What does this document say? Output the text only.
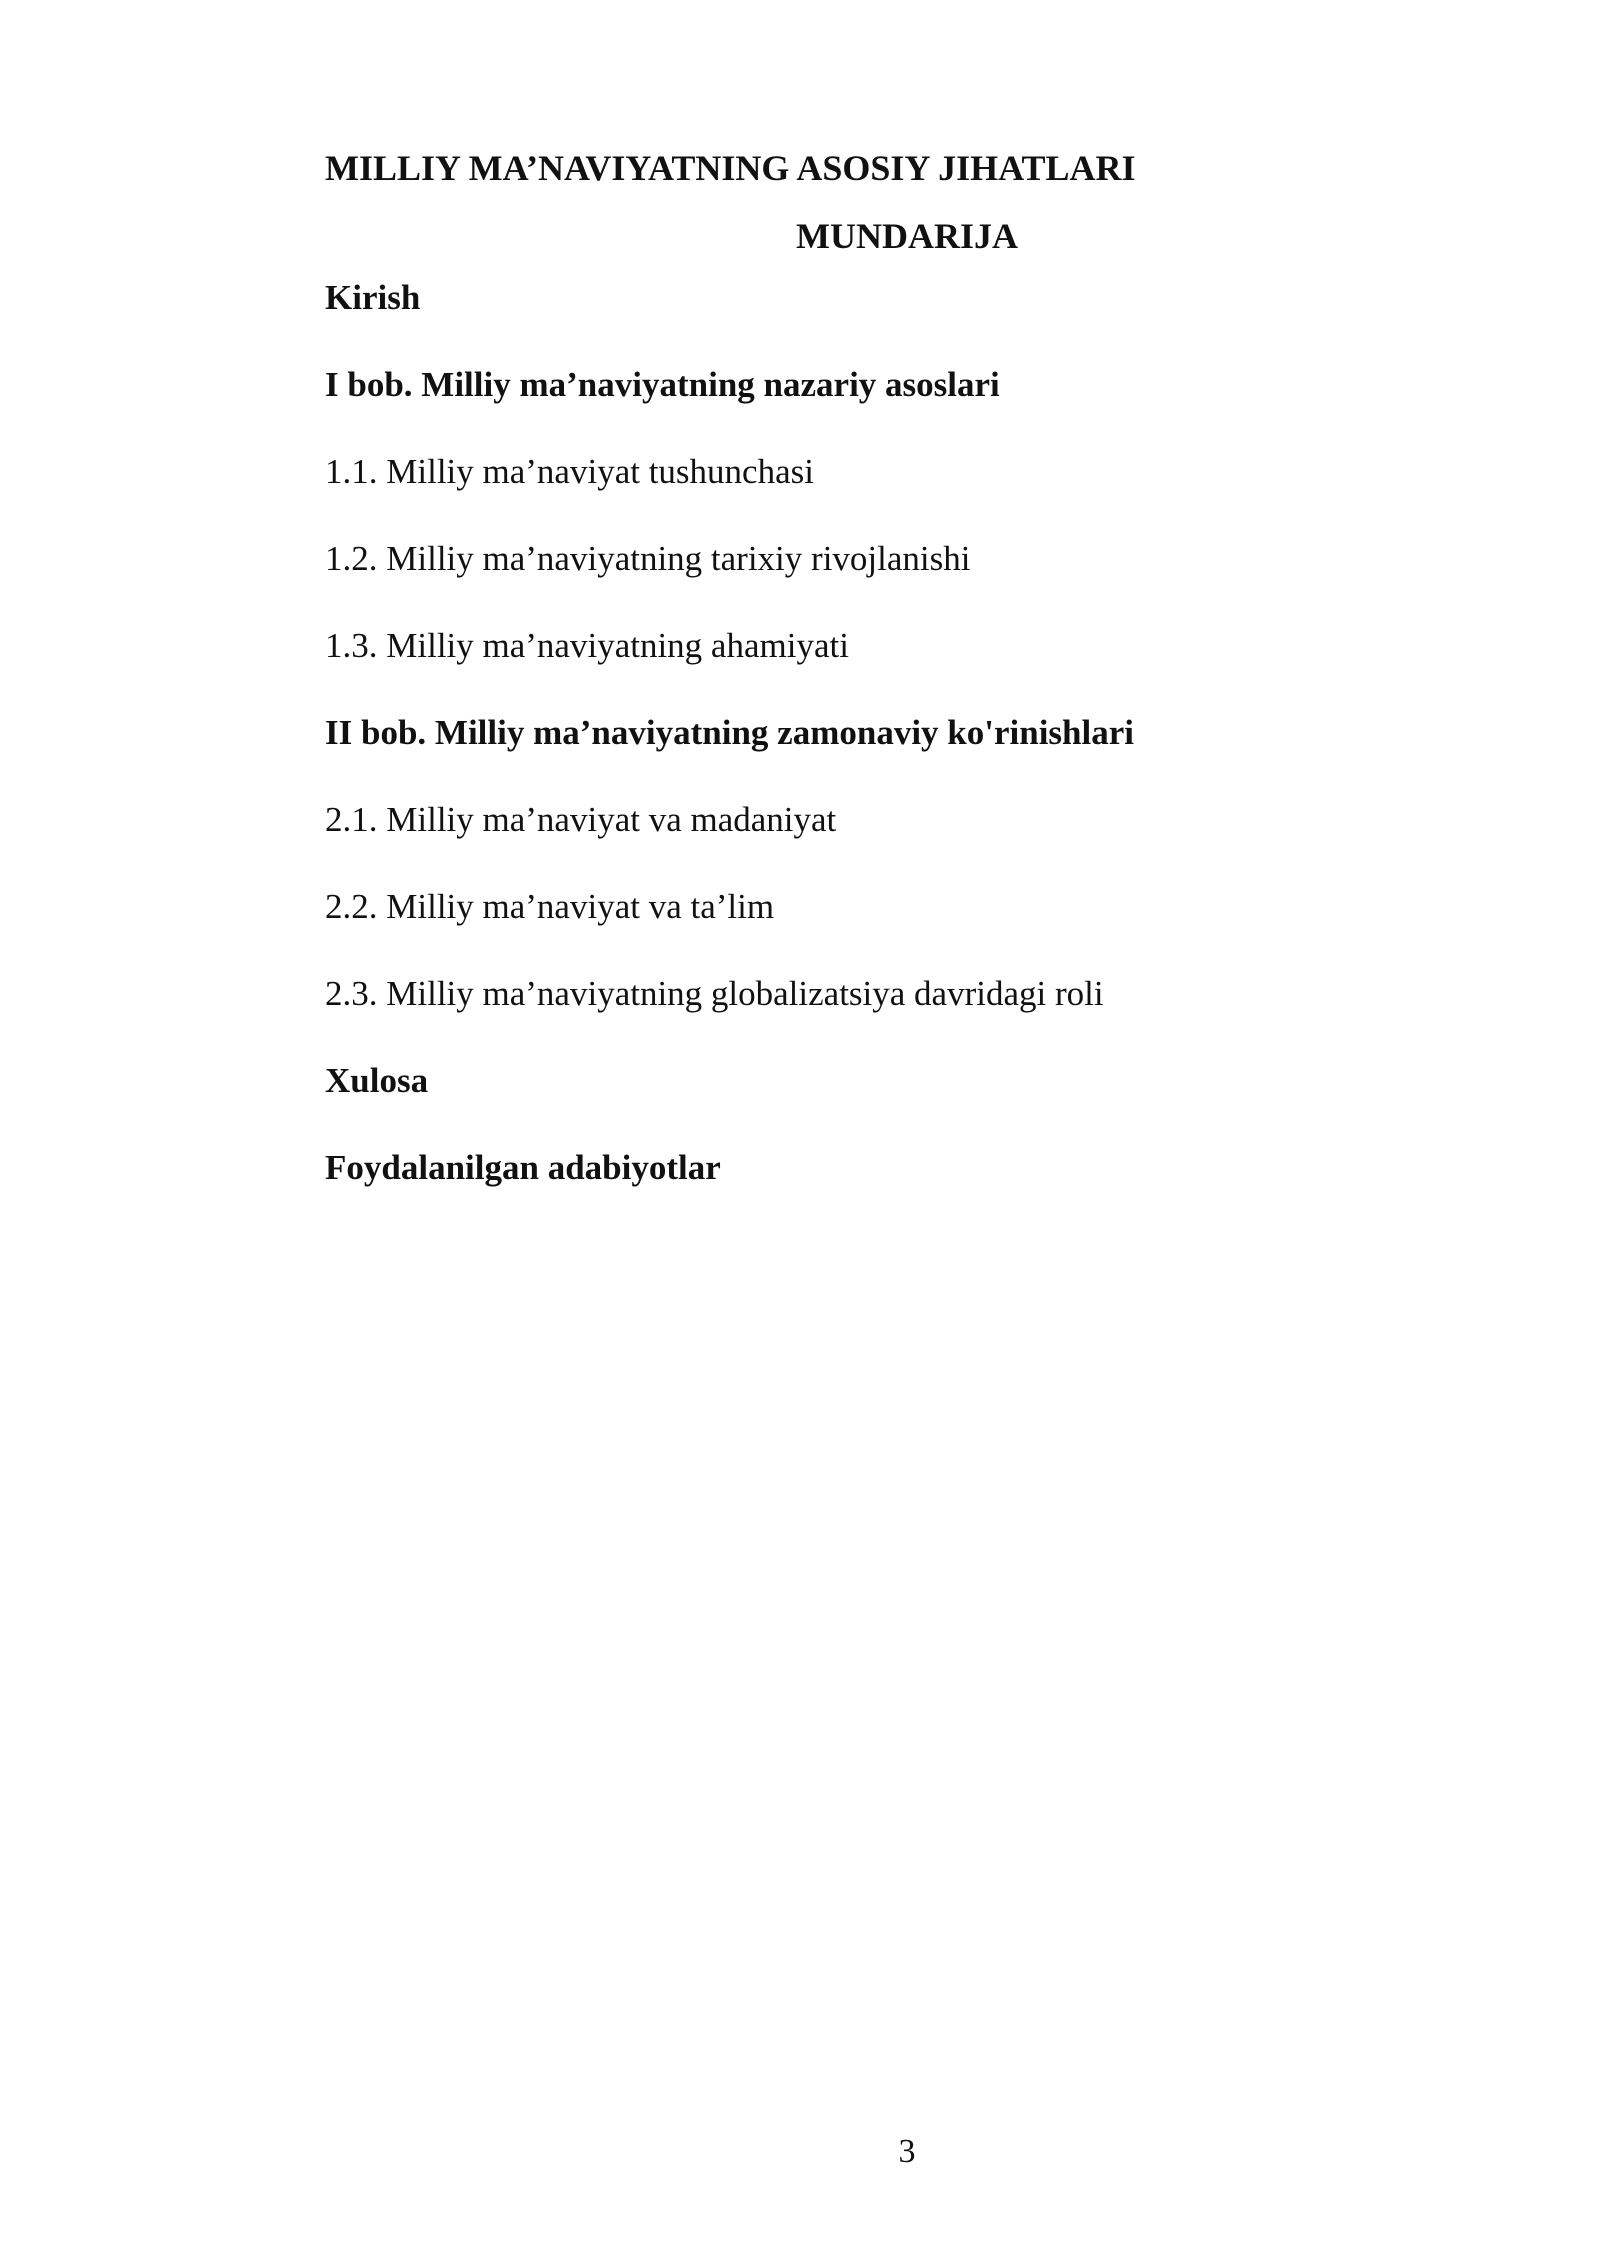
MILLIY MA’NAVIYATNING ASOSIY JIHATLARI
MUNDARIJA
Kirish
I bob. Milliy ma’naviyatning nazariy asoslari
1.1. Milliy ma’naviyat tushunchasi
1.2. Milliy ma’naviyatning tarixiy rivojlanishi
1.3. Milliy ma’naviyatning ahamiyati
II bob. Milliy ma’naviyatning zamonaviy ko'rinishlari
2.1. Milliy ma’naviyat va madaniyat
2.2. Milliy ma’naviyat va ta’lim
2.3. Milliy ma’naviyatning globalizatsiya davridagi roli
Xulosa
Foydalanilgan adabiyotlar
3
